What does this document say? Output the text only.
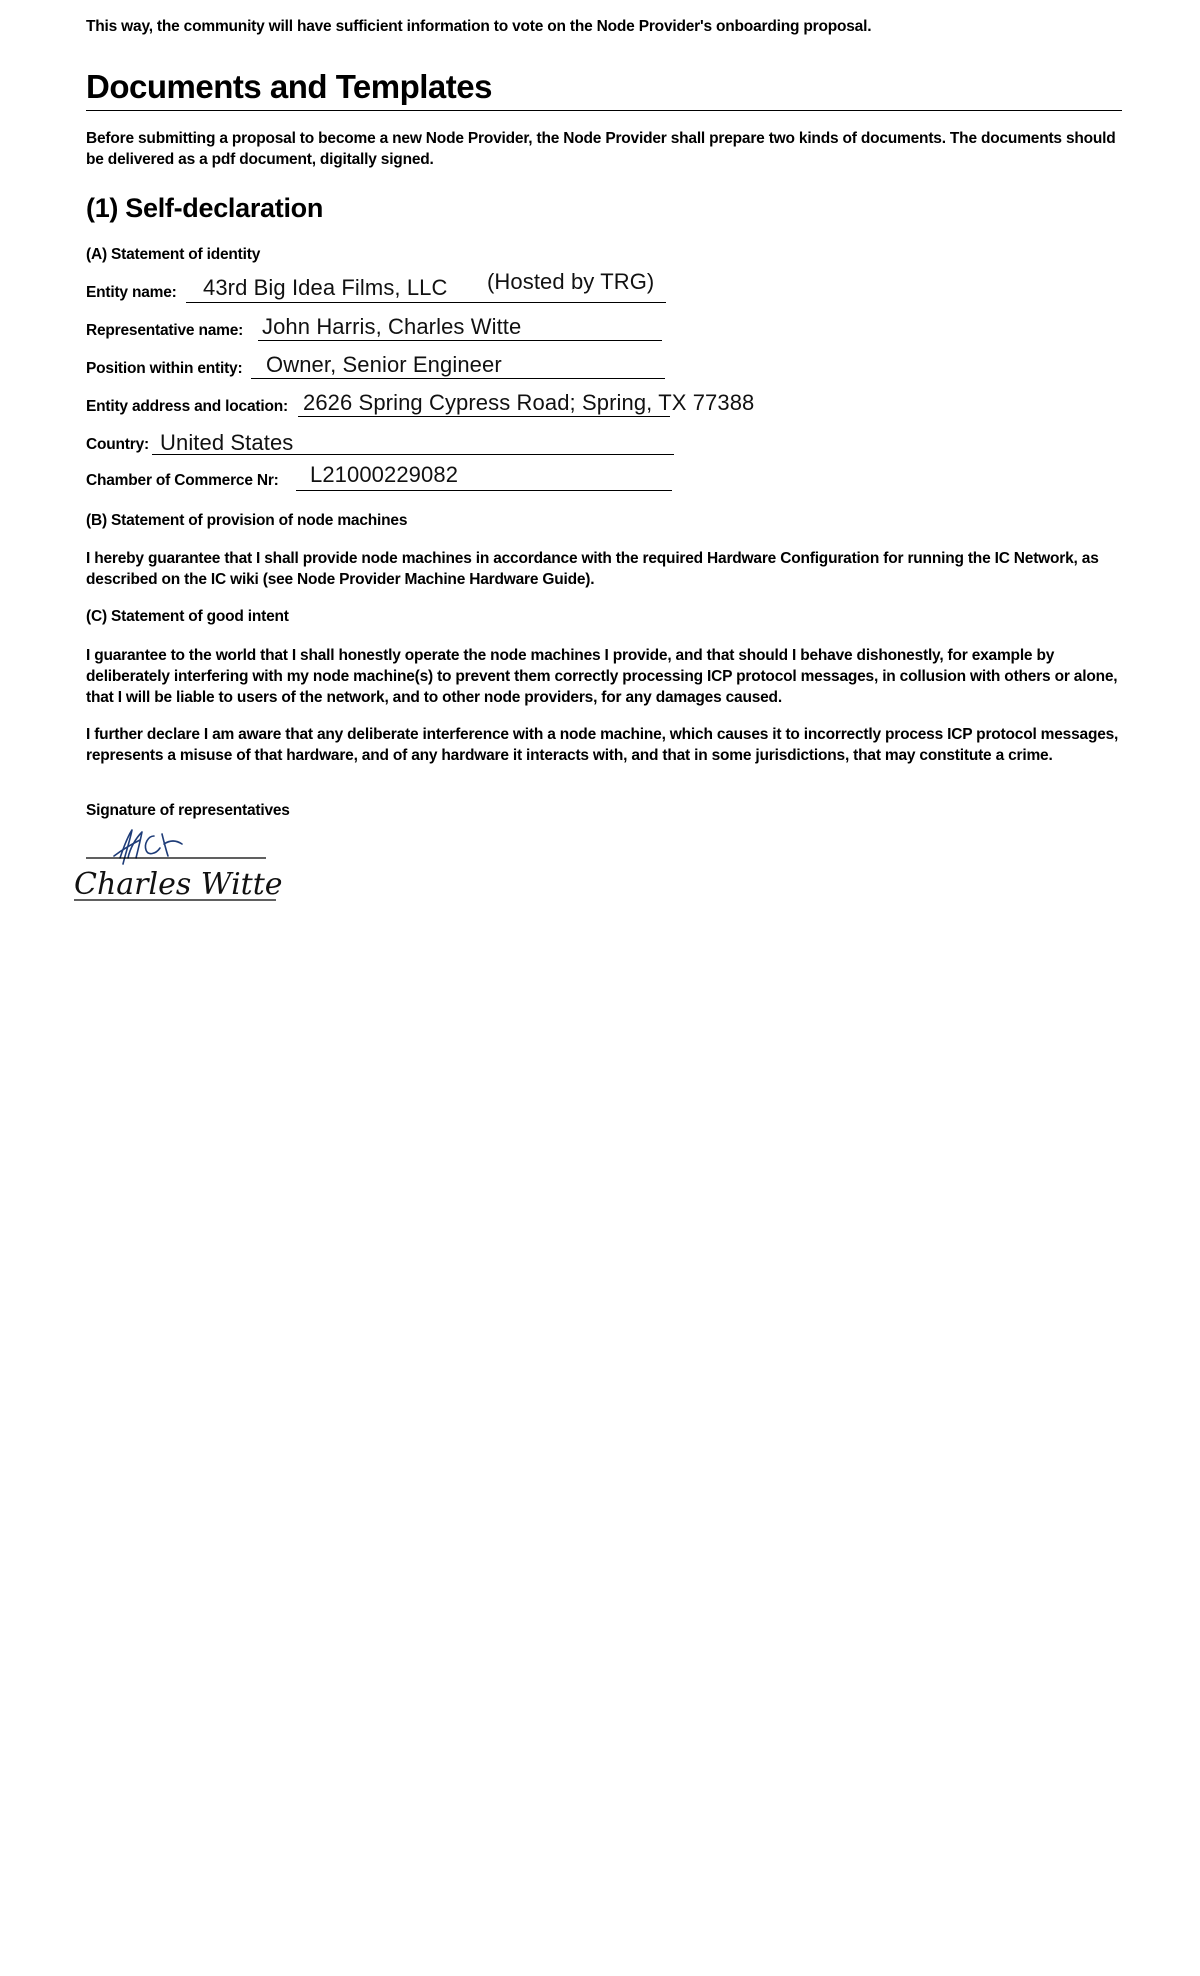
This way, the community will have sufficient information to vote on the Node Provider's onboarding proposal.
Documents and Templates
Before submitting a proposal to become a new Node Provider, the Node Provider shall prepare two kinds of documents. The documents should be delivered as a pdf document, digitally signed.
(1) Self-declaration
(A) Statement of identity
Entity name: 43rd Big Idea Films, LLC (Hosted by TRG)
Representative name: John Harris, Charles Witte
Position within entity: Owner, Senior Engineer
Entity address and location: 2626 Spring Cypress Road; Spring, TX 77388
Country: United States
Chamber of Commerce Nr: L21000229082
(B) Statement of provision of node machines
I hereby guarantee that I shall provide node machines in accordance with the required Hardware Configuration for running the IC Network, as described on the IC wiki (see Node Provider Machine Hardware Guide).
(C) Statement of good intent
I guarantee to the world that I shall honestly operate the node machines I provide, and that should I behave dishonestly, for example by deliberately interfering with my node machine(s) to prevent them correctly processing ICP protocol messages, in collusion with others or alone, that I will be liable to users of the network, and to other node providers, for any damages caused.
I further declare I am aware that any deliberate interference with a node machine, which causes it to incorrectly process ICP protocol messages, represents a misuse of that hardware, and of any hardware it interacts with, and that in some jurisdictions, that may constitute a crime.
Signature of representatives
Charles Witte
